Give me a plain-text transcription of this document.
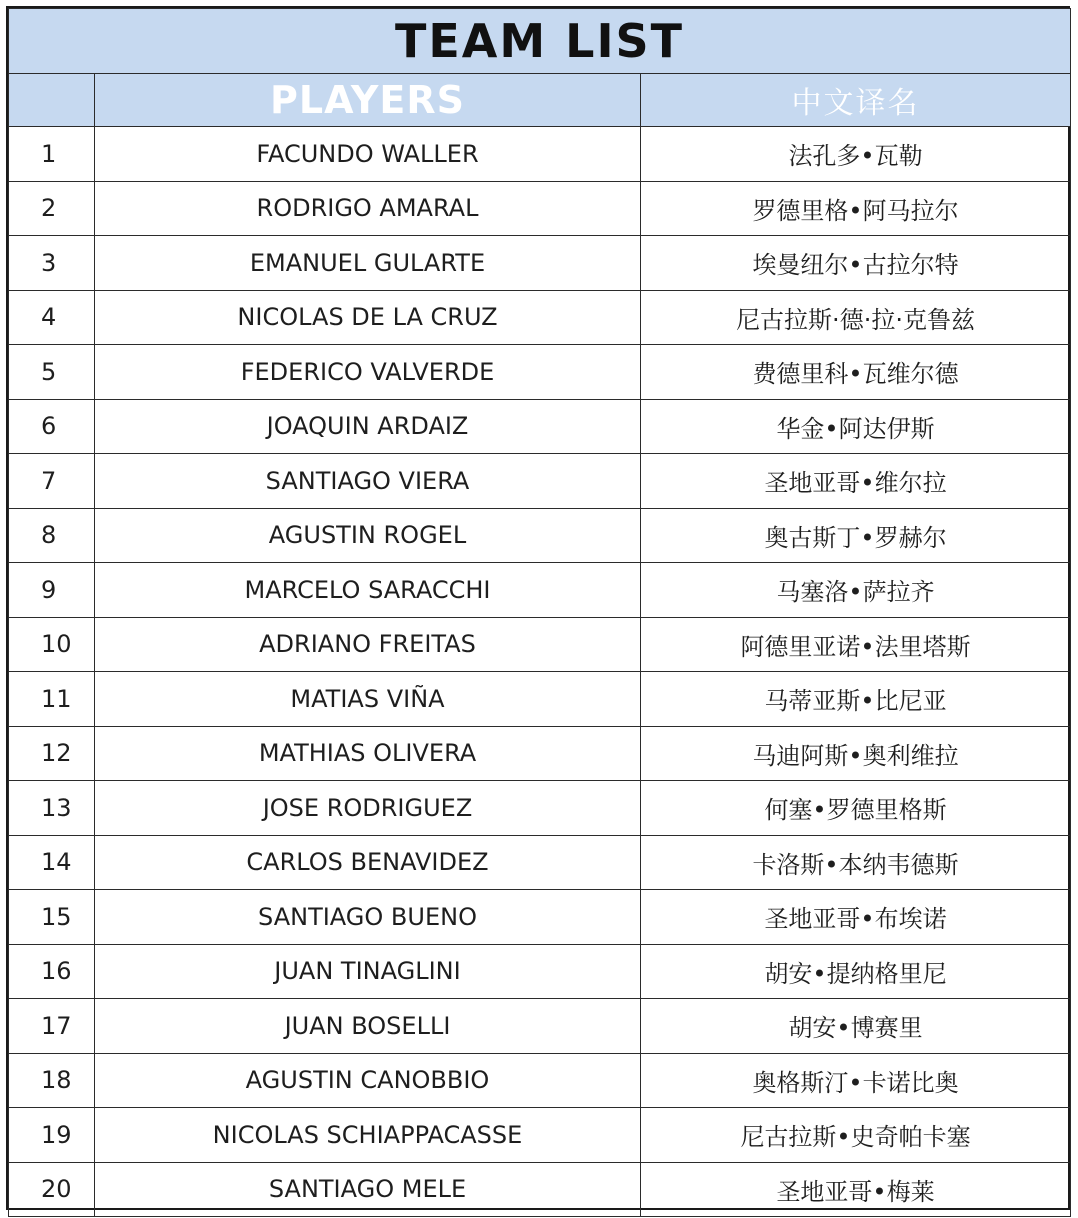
TEAM LIST		
	PLAYERS	中文译名
1	FACUNDO WALLER	法孔多•瓦勒
2	RODRIGO AMARAL	罗德里格•阿马拉尔
3	EMANUEL GULARTE	埃曼纽尔•古拉尔特
4	NICOLAS DE LA CRUZ	尼古拉斯·德·拉·克鲁兹
5	FEDERICO VALVERDE	费德里科•瓦维尔德
6	JOAQUIN ARDAIZ	华金•阿达伊斯
7	SANTIAGO VIERA	圣地亚哥•维尔拉
8	AGUSTIN ROGEL	奥古斯丁•罗赫尔
9	MARCELO SARACCHI	马塞洛•萨拉齐
10	ADRIANO FREITAS	阿德里亚诺•法里塔斯
11	MATIAS VIÑA	马蒂亚斯•比尼亚
12	MATHIAS OLIVERA	马迪阿斯•奥利维拉
13	JOSE RODRIGUEZ	何塞•罗德里格斯
14	CARLOS BENAVIDEZ	卡洛斯•本纳韦德斯
15	SANTIAGO BUENO	圣地亚哥•布埃诺
16	JUAN TINAGLINI	胡安•提纳格里尼
17	JUAN BOSELLI	胡安•博赛里
18	AGUSTIN CANOBBIO	奥格斯汀•卡诺比奥
19	NICOLAS SCHIAPPACASSE	尼古拉斯•史奇帕卡塞
20	SANTIAGO MELE	圣地亚哥•梅莱
